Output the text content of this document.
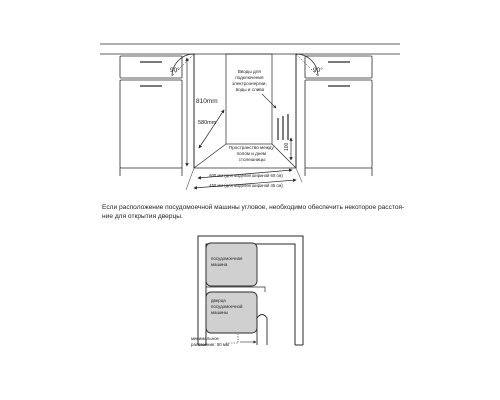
90°	90°
Вводы для подключения электроэнергии, воды и слива
810mm
580mm
100
Пространство между полом и днем столешницы
600 мм (для моделей шириной 60 см)
450 мм (для моделей шириной 45 см)
посудомоечная машина
дверца посудомоечной машины
минимальное расстояние: 50 мм
Если расположение посудомоечной машины угловое, необходимо обеспечить некоторое расстоя-
ние для открытия дверцы.
